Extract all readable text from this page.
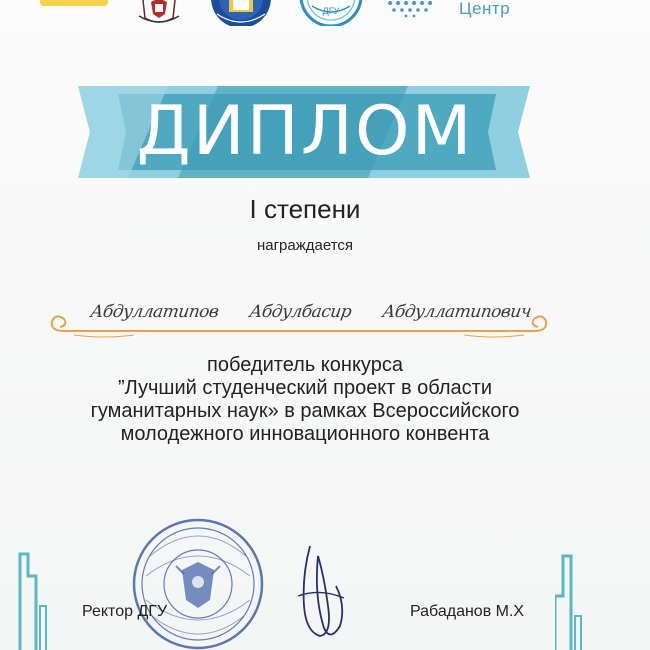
ДГУ	Центр
ДИПЛОМ
I степени
награждается
Абдуллатипов Абдулбасир Абдуллатипович
победитель конкурса
”Лучший студенческий проект в области
гуманитарных наук» в рамках Всероссийского
молодежного инновационного конвента
Ректор ДГУ	Рабаданов М.Х
